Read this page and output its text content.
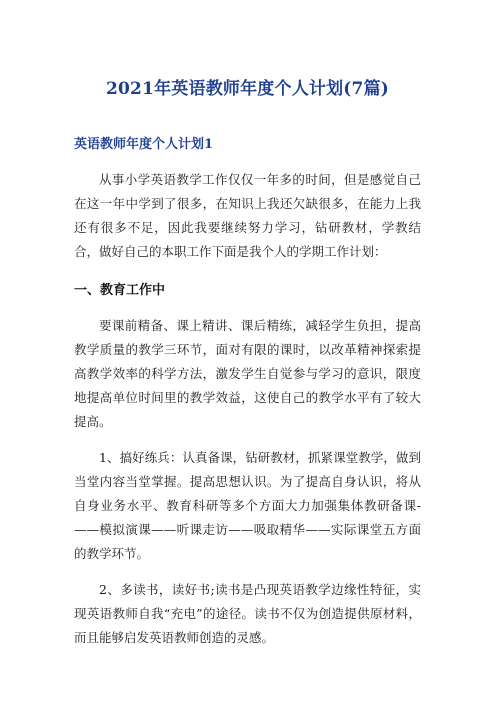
2021年英语教师年度个人计划(7篇)
英语教师年度个人计划1

从事小学英语教学工作仅仅一年多的时间，但是感觉自己在这一年中学到了很多，在知识上我还欠缺很多，在能力上我还有很多不足，因此我要继续努力学习，钻研教材，学教结合，做好自己的本职工作下面是我个人的学期工作计划：

一、教育工作中

要课前精备、课上精讲、课后精练，减轻学生负担，提高教学质量的教学三环节，面对有限的课时，以改革精神探索提高教学效率的科学方法，激发学生自觉参与学习的意识，限度地提高单位时间里的教学效益，这使自己的教学水平有了较大提高。

1、搞好练兵：认真备课，钻研教材，抓紧课堂教学，做到当堂内容当堂掌握。提高思想认识。为了提高自身认识，将从自身业务水平、教育科研等多个方面大力加强集体教研备课-——模拟演课——听课走访——吸取精华——实际课堂五方面的教学环节。

2、多读书，读好书;读书是凸现英语教学边缘性特征，实现英语教师自我“充电”的途径。读书不仅为创造提供原材料，而且能够启发英语教师创造的灵感。
